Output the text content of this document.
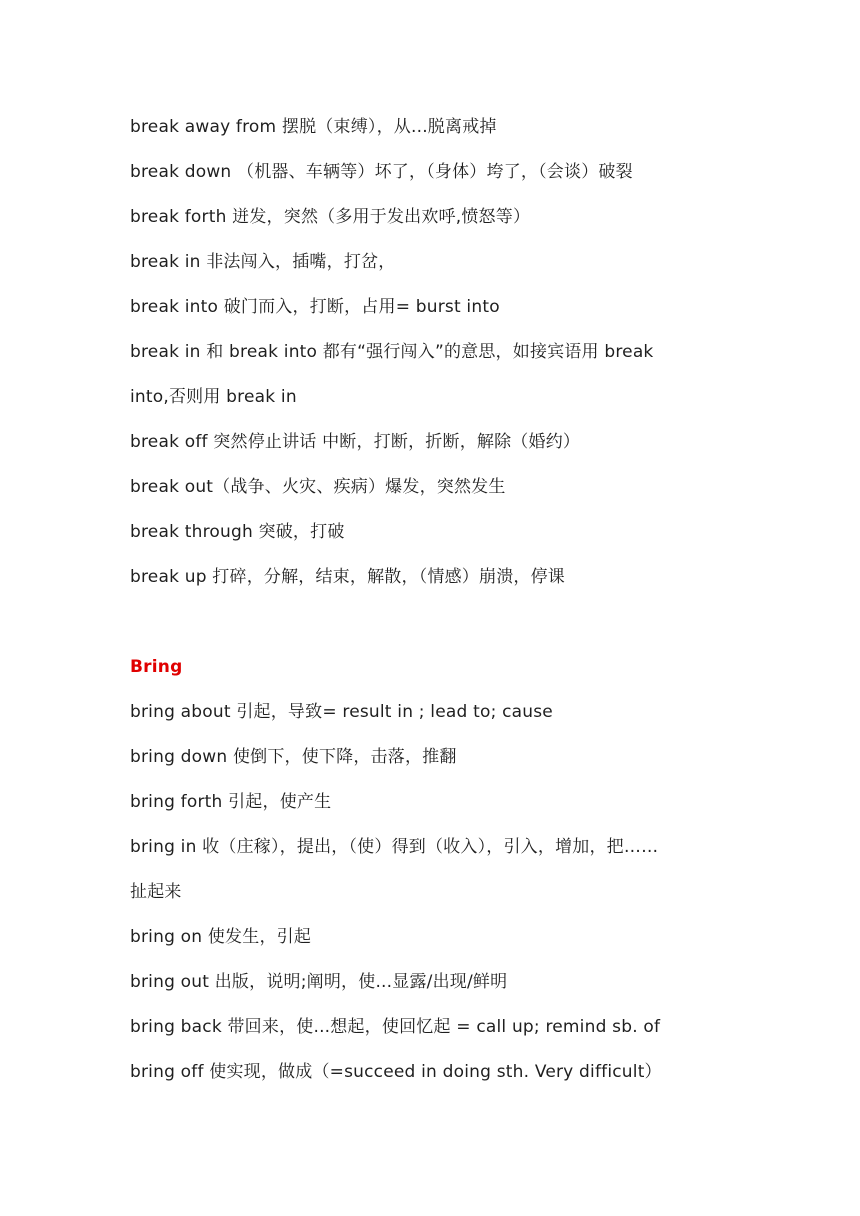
break away from 摆脱（束缚），从...脱离戒掉
break down （机器、车辆等）坏了，（身体）垮了，（会谈）破裂
break forth 迸发，突然（多用于发出欢呼,愤怒等）
break in 非法闯入，插嘴，打岔，
break into 破门而入，打断，占用= burst into
break in 和 break into 都有“强行闯入”的意思，如接宾语用 break
into,否则用 break in
break off 突然停止讲话 中断，打断，折断，解除（婚约）
break out（战争、火灾、疾病）爆发，突然发生
break through 突破，打破
break up 打碎，分解，结束，解散，（情感）崩溃，停课
Bring
bring about 引起，导致= result in ; lead to; cause
bring down 使倒下，使下降，击落，推翻
bring forth 引起，使产生
bring in 收（庄稼），提出，（使）得到（收入），引入，增加，把……
扯起来
bring on 使发生，引起
bring out 出版，说明;阐明，使...显露/出现/鲜明
bring back 带回来，使...想起，使回忆起 = call up; remind sb. of
bring off 使实现，做成（=succeed in doing sth. Very difficult）
